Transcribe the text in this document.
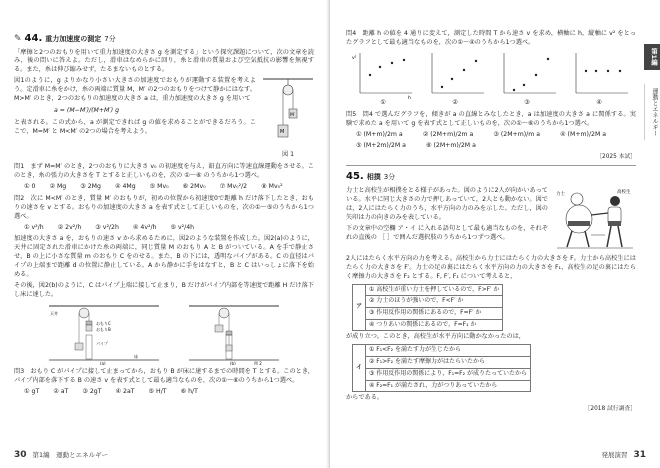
✎ 44. 重力加速度の測定 7分
「摩擦と2つのおもりを用いて重力加速度の大きさ g を測定する」という探究課題について，次の文章を読み，後の問いに答えよ。ただし，滑車はなめらかに回り，糸と滑車の質量および空気抵抗の影響を無視する。また，糸は伸び縮みせず，たるまないものとする。
図1のように，g よりかなり小さい大きさの加速度でおもりが運動する装置を考えよう。定滑車に糸をかけ，糸の両端に質量 M，M′ の2つのおもりをつけて静かにはなす。M>M′ のとき，2つのおもりの加速度の大きさ a は，重力加速度の大きさ g を用いて
a = (M−M′)/(M+M′) g
と表される。この式から，a が測定できれば g の値を求めることができるだろう。ここで，M=M′ と M<M′ の2つの場合を考えよう。	M
M′
図 1
問1　まず M=M′ のとき，2つのおもりに大きさ v₀ の初速度を与え，鉛直方向に等速直線運動をさせる。このとき，糸の張力の大きさを T とすると正しいものを，次の ①〜⑥ のうちから1つ選べ。
① 0 ② Mg ③ 2Mg ④ 4Mg ⑤ Mv₀ ⑥ 2Mv₀ ⑦ Mv₀²/2 ⑧ Mv₀²
問2　次に M<M′ のとき，質量 M′ のおもりが，初めの位置から初速度0で距離 h だけ落下したとき，おもりの速さを v とする。おもりの加速度の大きさ a を表す式として正しいものを，次の①〜⑤のうちから1つ選べ。
① v²/h ② 2v²/h ③ v²/2h ④ 4v²/h ⑤ v²/4h
加速度の大きさ a を，おもりの速さ v から求めるために，図2のような装置を作成した。図2(a)のように，天井に固定された滑車にかけた糸の両端に，同じ質量 M のおもり A と B がついている。A を手で静止させ，B の上に小さな質量 m のおもり C をのせる。また，B の下には，透明なパイプがある。C の直径はパイプの上端まで距離 d の位置に静止している。A から静かに手をはなすと，B と C はいっしょに落下を始める。
その後，図2(b)のように，C はパイプ上端に接して止まり，B だけがパイプ内部を等速度で距離 H だけ落下し床に達した。
天井
おもりC
おもりB
パイプ
床
(a)	(b)	図 2
問3　おもり C がパイプに接して止まってから，おもり B が床に達するまでの時間を T とする。このとき，パイプ内部を落下する B の速さ v を表す式として最も適当なものを，次の①〜⑥のうちから1つ選べ。
① gT ② aT ③ 2gT ④ 2aT ⑤ H/T ⑥ h/T
30 第1編　運動とエネルギー
問4　距離 h の値を 4 通りに変えて，測定した時間 T から速さ v を求め，横軸に h，縦軸に v² をとったグラフとして最も適当なものを，次の①〜④のうちから1つ選べ。
v²
h
①	②	③	④
問5　問4 で選んだグラフを，傾きが a の直線とみなしたとき，a は加速度の大きさ a に関係する。実験で求めた a を用いて g を表す式として正しいものを，次の①〜⑥のうちから1つ選べ。
① (M+m)/2m a	② (2M+m)/2m a	③ (2M+m)/m a	④ (M+m)/2M a
⑤ (M+2m)/2M a	⑥ (2M+m)/2M a
［2025 本試］
45. 相撲 3分
力士と高校生が相撲をとる様子があった。図のように2人が向かいあっている。水平に同じ大きさの力で押しあっていて，2人とも動かない。図では，2人にはたらく力のうち，水平方向の力のみを示した。ただし，図の矢印は力の向きのみを表している。
下の文章中の空欄 ア・イ に入れる語句として最も適当なものを，それぞれの直後の ［ ］で囲んだ選択肢のうちから1つずつ選べ。
力士	高校生
2人にはたらく水平方向の力を考える。高校生から力士にはたらく力の大きさを F。力士から高校生にはたらく力の大きさを F′。力士の足の裏にはたらく水平方向の力の大きさを F₁，高校生の足の裏にはたらく摩擦力の大きさを F₂ とする。F, F′, F₁ について考えると，
ア	① 高校生が重い力士を押しているので，F>F′ か
② 力士のほうが強いので，F<F′ か
③ 作用反作用の関係にあるので，F=F′ か
④ つりあいの関係にあるので，F=F₁ か
が成り立つ。このとき，高校生が水平方向に動かなかったのは，
イ	① F₁<F₂ を満たす力が生じたから
② F₁>F₂ を満たす摩擦力がはたらいたから
③ 作用反作用の関係により，F₁=F₂ が成りたっていたから
④ F₂=F₁ が満たされ，力がつりあっていたから
からである。
［2018 試行調査］
第1編
運動とエネルギー
発展演習 31
